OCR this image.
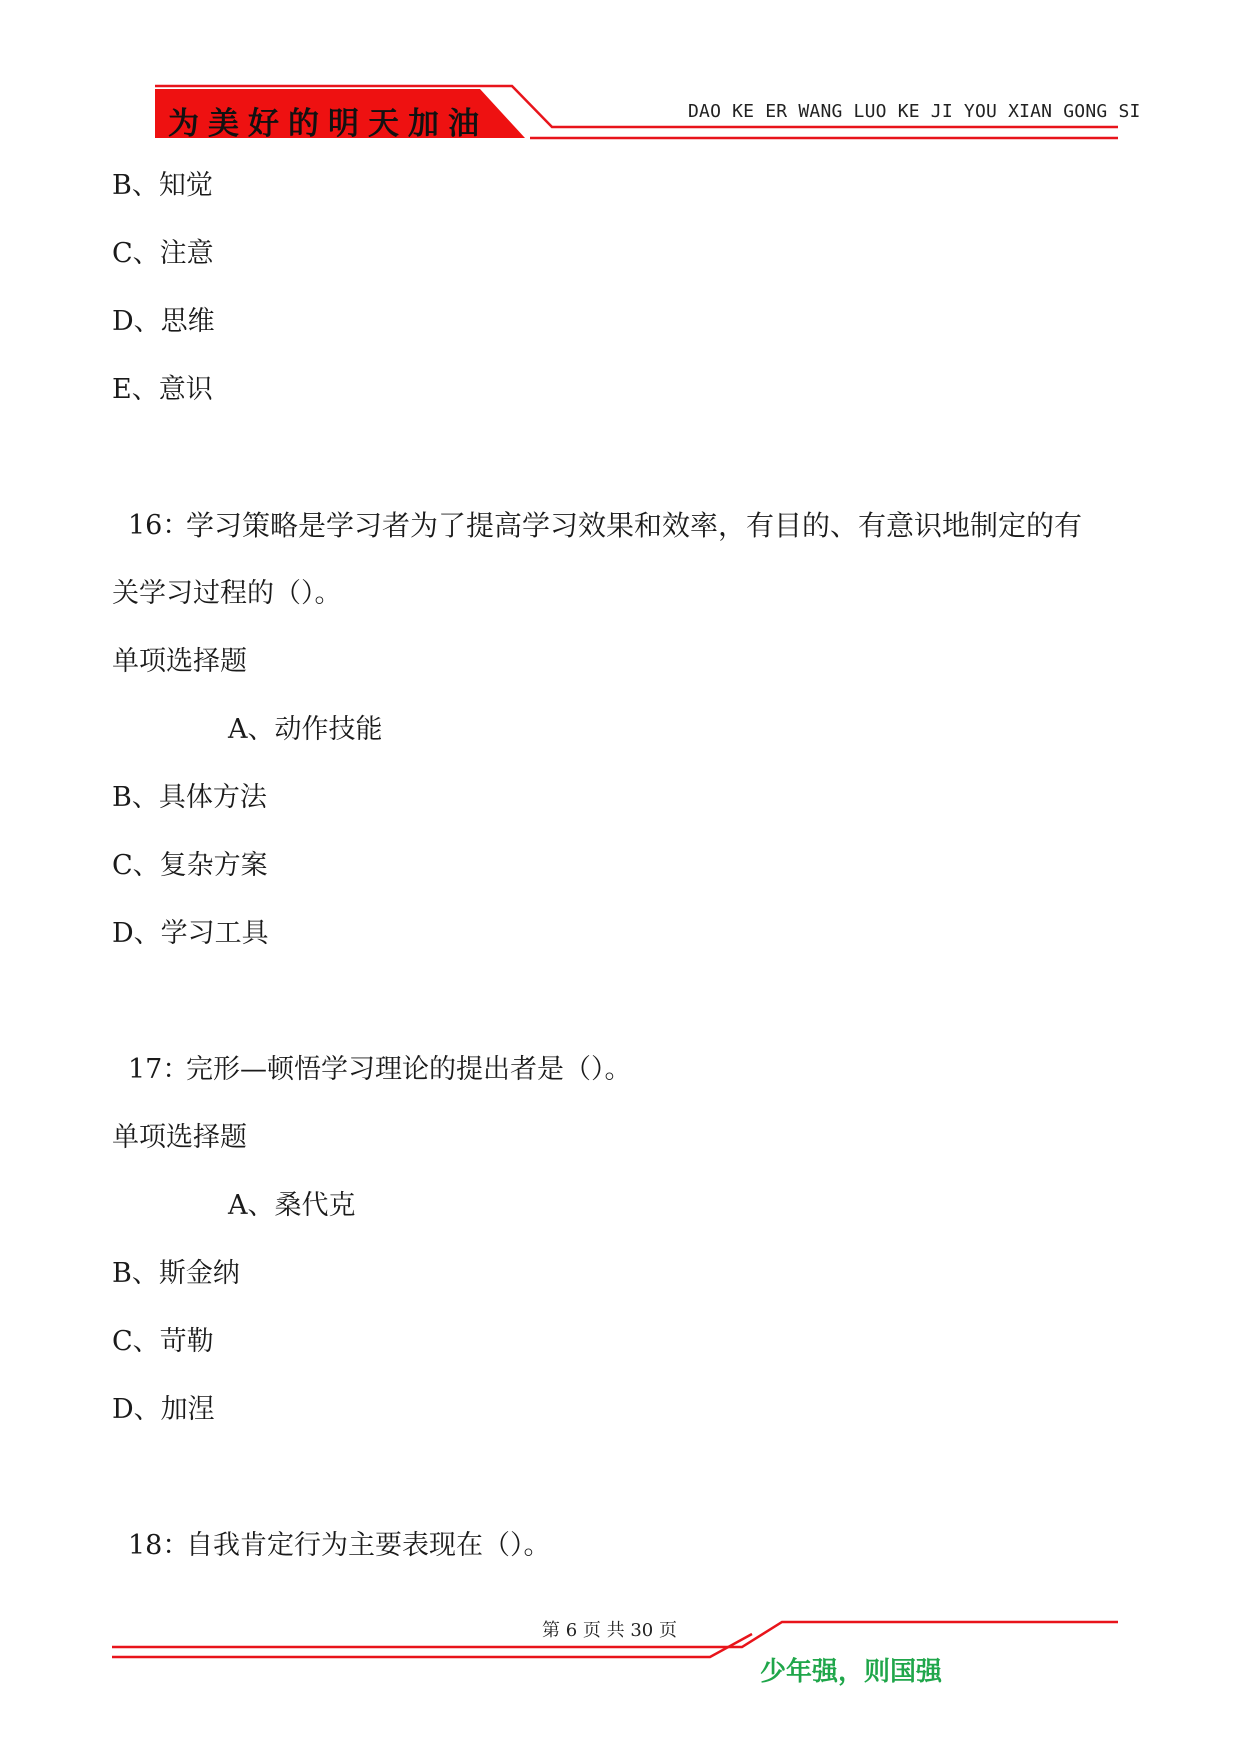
为美好的明天加油	DAO KE ER WANG LUO KE JI YOU XIAN GONG SI
B、知觉
C、注意
D、思维
E、意识
16：
学习策略是学习者为了提高学习效果和效率，有目的、有意识地制定的有
关学习过程的（）。
单项选择题
A、动作技能
B、具体方法
C、复杂方案
D、学习工具
17：
完形—顿悟学习理论的提出者是（）。
单项选择题
A、桑代克
B、斯金纳
C、苛勒
D、加涅
18：
自我肯定行为主要表现在（）。
第 6 页 共 30 页
少年强，则国强
